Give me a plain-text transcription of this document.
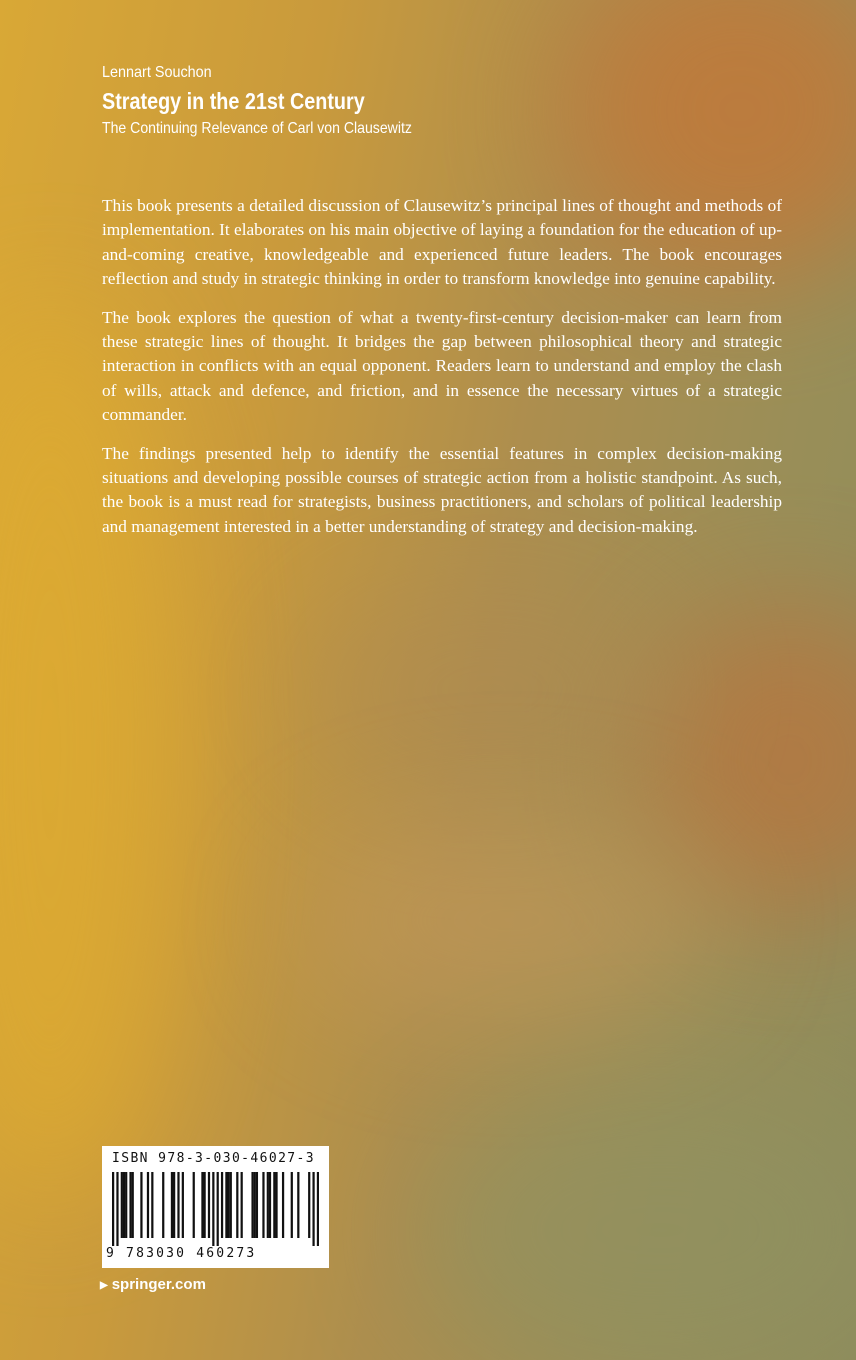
Lennart Souchon
Strategy in the 21st Century
The Continuing Relevance of Carl von Clausewitz

This book presents a detailed discussion of Clausewitz’s principal lines of thought and methods of implementation. It elaborates on his main objective of laying a foundation for the education of up-and-coming creative, knowledgeable and experienced future leaders. The book encourages reflection and study in strategic thinking in order to transform knowledge into genuine capability.

The book explores the question of what a twenty-first-century decision-maker can learn from these strategic lines of thought. It bridges the gap between philosophical theory and strategic interaction in conflicts with an equal opponent. Readers learn to understand and employ the clash of wills, attack and defence, and friction, and in essence the necessary virtues of a strategic commander.

The findings presented help to identify the essential features in complex decision-making situations and developing possible courses of strategic action from a holistic standpoint. As such, the book is a must read for strategists, business practitioners, and scholars of political leadership and management interested in a better understanding of strategy and decision-making.

ISBN 978-3-030-46027-3
9 783030 460273
▶ springer.com
